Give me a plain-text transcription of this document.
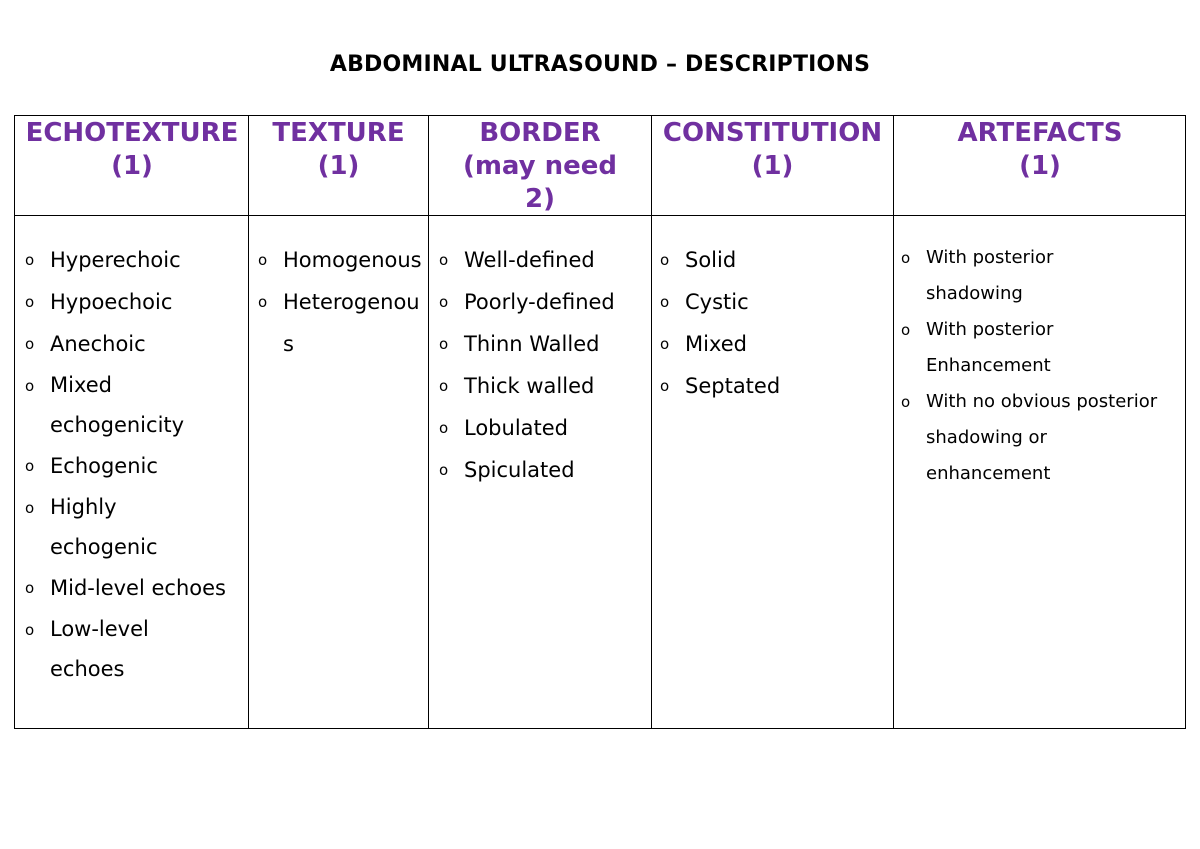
ABDOMINAL ULTRASOUND – DESCRIPTIONS
ECHOTEXTURE
(1)
TEXTURE
(1)
BORDER
(may need
2)
CONSTITUTION (1)
ARTEFACTS
(1)
o Hyperechoic
o Hypoechoic
o Anechoic
o Mixed echogenicity
o Echogenic
o Highly echogenic
o Mid-level echoes
o Low-level echoes
o Homogenous
o Heterogenous
o Well-defined
o Poorly-defined
o Thinn Walled
o Thick walled
o Lobulated
o Spiculated
o Solid
o Cystic
o Mixed
o Septated
o With posterior shadowing
o With posterior Enhancement
o With no obvious posterior shadowing or enhancement
